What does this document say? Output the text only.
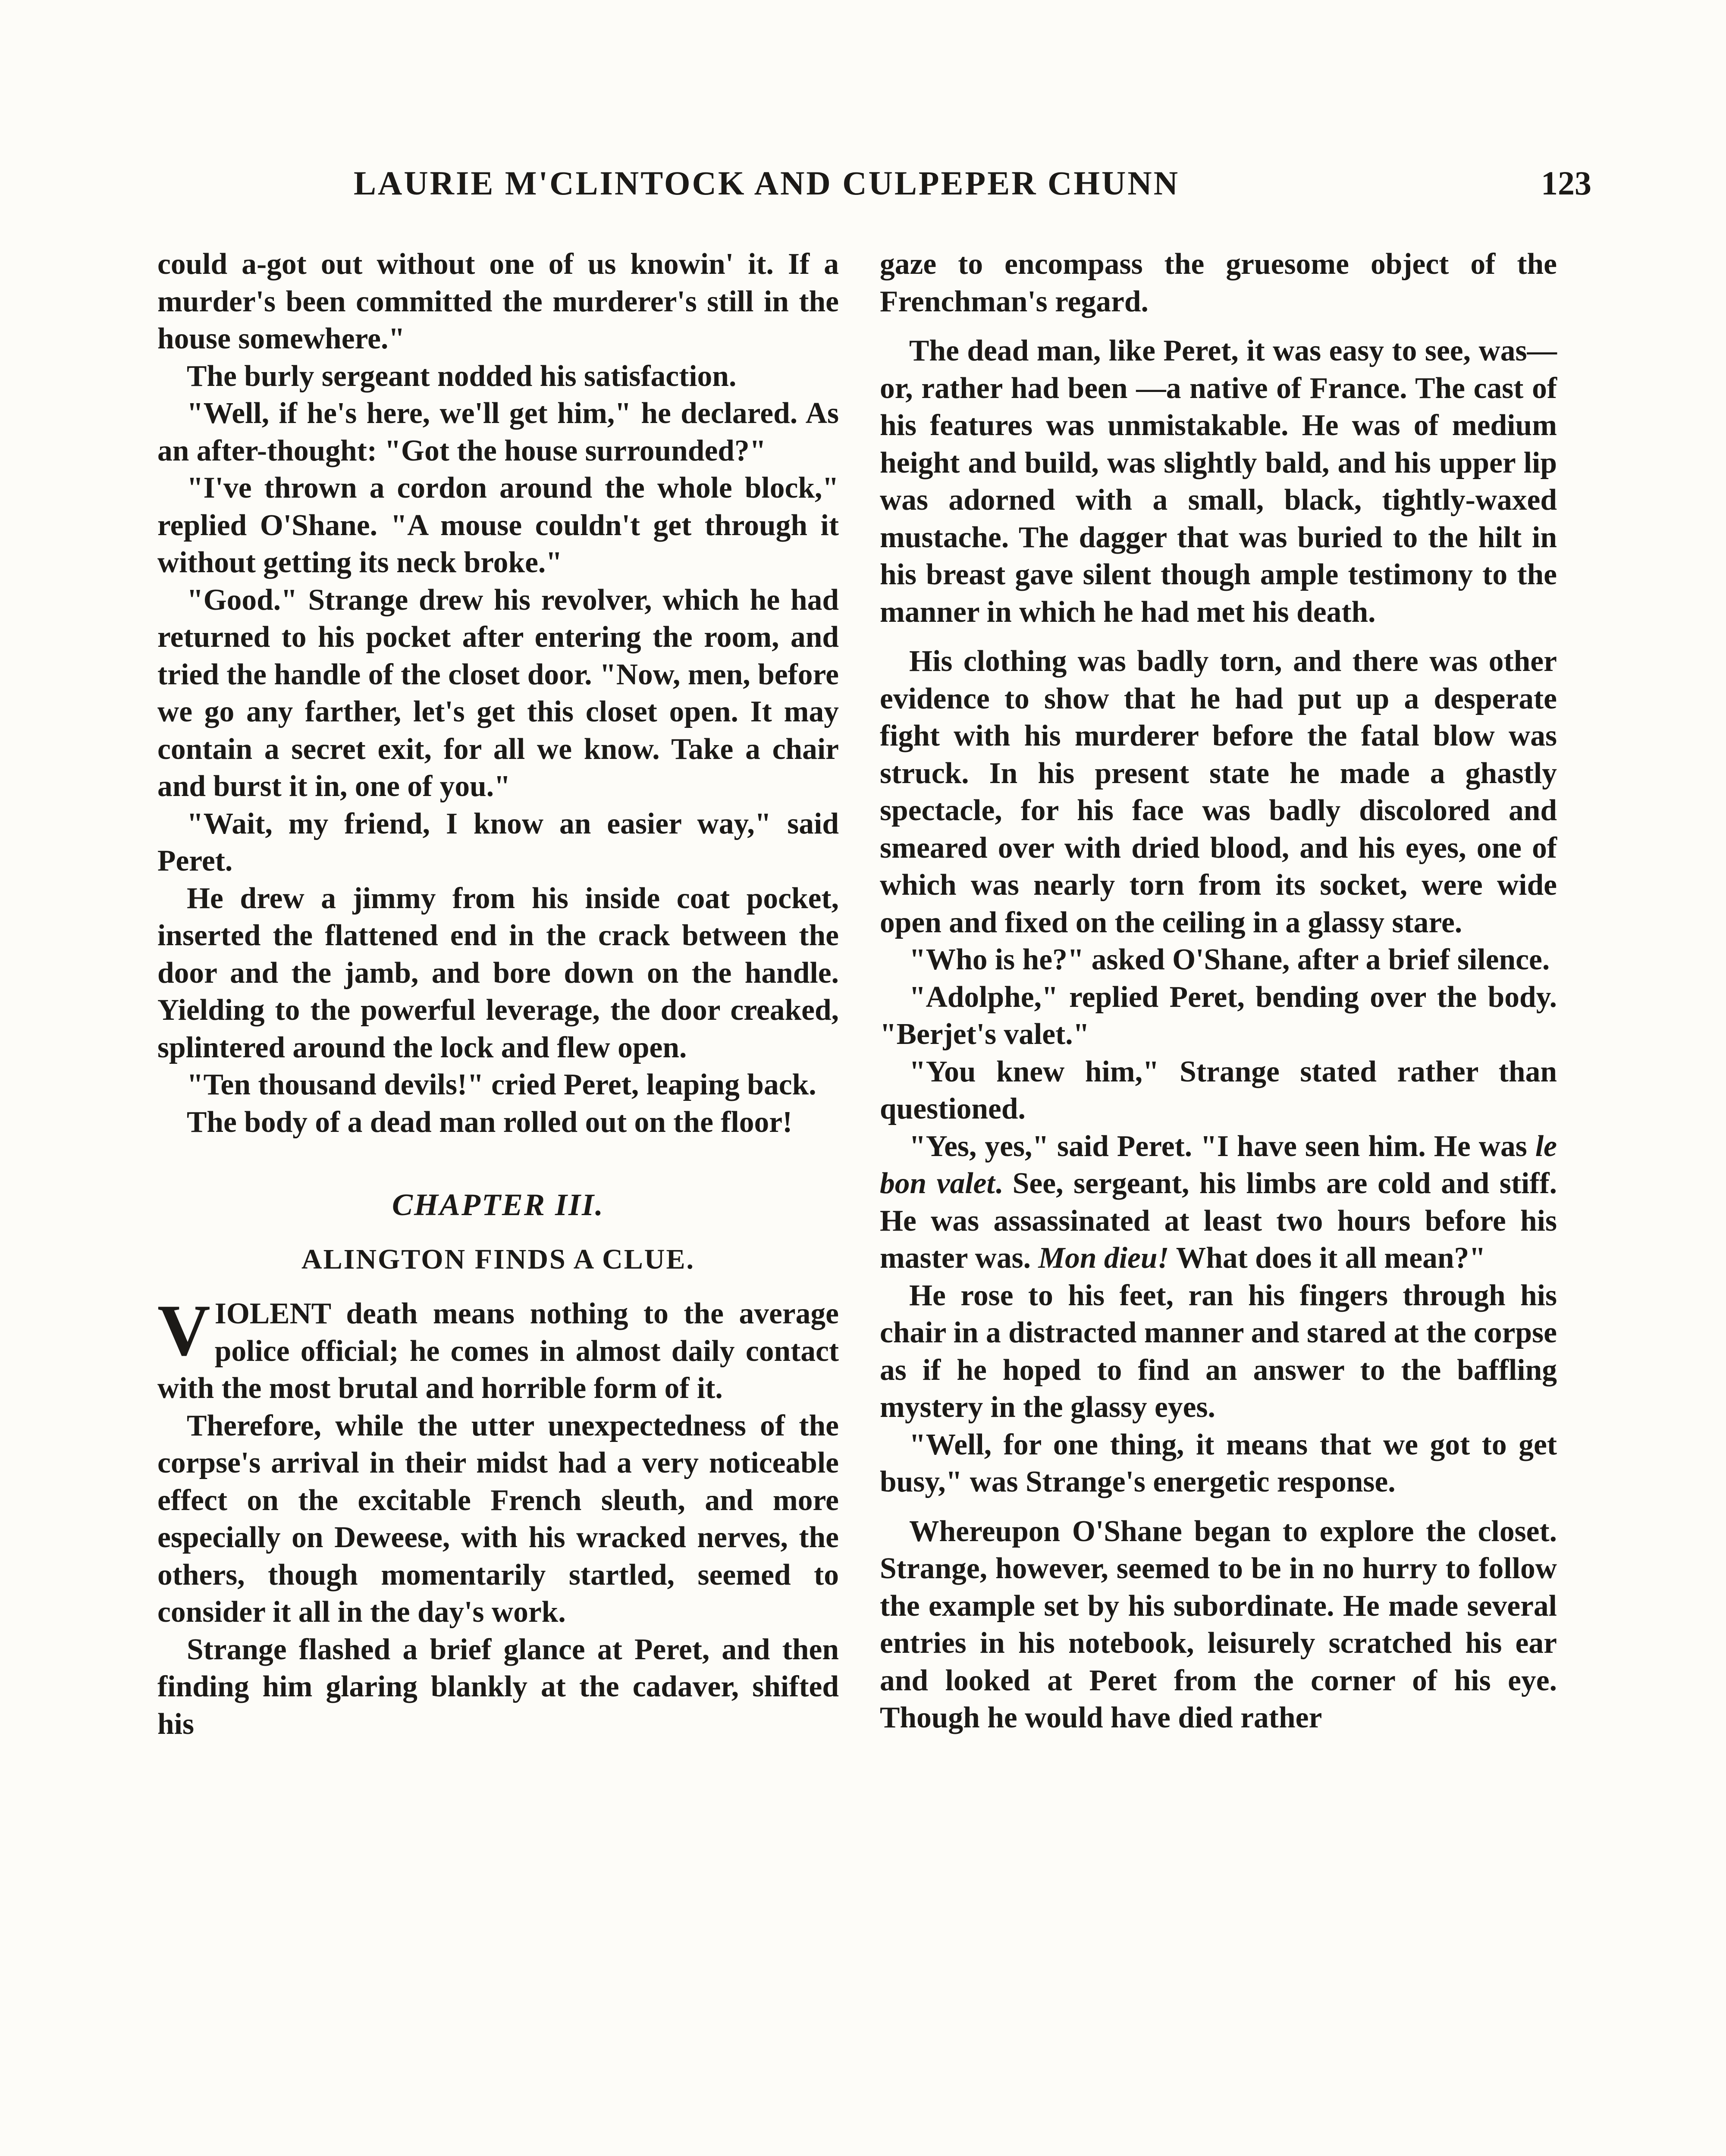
LAURIE M'CLINTOCK AND CULPEPER CHUNN	123

could a-got out without one of us knowin' it. If a murder's been committed the murderer's still in the house somewhere."

The burly sergeant nodded his satisfaction.

"Well, if he's here, we'll get him," he declared. As an after-thought: "Got the house surrounded?"

"I've thrown a cordon around the whole block," replied O'Shane. "A mouse couldn't get through it without getting its neck broke."

"Good." Strange drew his revolver, which he had returned to his pocket after entering the room, and tried the handle of the closet door. "Now, men, before we go any farther, let's get this closet open. It may contain a secret exit, for all we know. Take a chair and burst it in, one of you."

"Wait, my friend, I know an easier way," said Peret.

He drew a jimmy from his inside coat pocket, inserted the flattened end in the crack between the door and the jamb, and bore down on the handle. Yielding to the powerful leverage, the door creaked, splintered around the lock and flew open.

"Ten thousand devils!" cried Peret, leaping back.

The body of a dead man rolled out on the floor!

CHAPTER III.
ALINGTON FINDS A CLUE.

VIOLENT death means nothing to the average police official; he comes in almost daily contact with the most brutal and horrible form of it.

Therefore, while the utter unexpectedness of the corpse's arrival in their midst had a very noticeable effect on the excitable French sleuth, and more especially on Deweese, with his wracked nerves, the others, though momentarily startled, seemed to consider it all in the day's work.

Strange flashed a brief glance at Peret, and then finding him glaring blankly at the cadaver, shifted his

gaze to encompass the gruesome object of the Frenchman's regard.

The dead man, like Peret, it was easy to see, was—or, rather had been —a native of France. The cast of his features was unmistakable. He was of medium height and build, was slightly bald, and his upper lip was adorned with a small, black, tightly-waxed mustache. The dagger that was buried to the hilt in his breast gave silent though ample testimony to the manner in which he had met his death.

His clothing was badly torn, and there was other evidence to show that he had put up a desperate fight with his murderer before the fatal blow was struck. In his present state he made a ghastly spectacle, for his face was badly discolored and smeared over with dried blood, and his eyes, one of which was nearly torn from its socket, were wide open and fixed on the ceiling in a glassy stare.

"Who is he?" asked O'Shane, after a brief silence.

"Adolphe," replied Peret, bending over the body. "Berjet's valet."

"You knew him," Strange stated rather than questioned.

"Yes, yes," said Peret. "I have seen him. He was le bon valet. See, sergeant, his limbs are cold and stiff. He was assassinated at least two hours before his master was. Mon dieu! What does it all mean?"

He rose to his feet, ran his fingers through his chair in a distracted manner and stared at the corpse as if he hoped to find an answer to the baffling mystery in the glassy eyes.

"Well, for one thing, it means that we got to get busy," was Strange's energetic response.

Whereupon O'Shane began to explore the closet. Strange, however, seemed to be in no hurry to follow the example set by his subordinate. He made several entries in his notebook, leisurely scratched his ear and looked at Peret from the corner of his eye. Though he would have died rather
